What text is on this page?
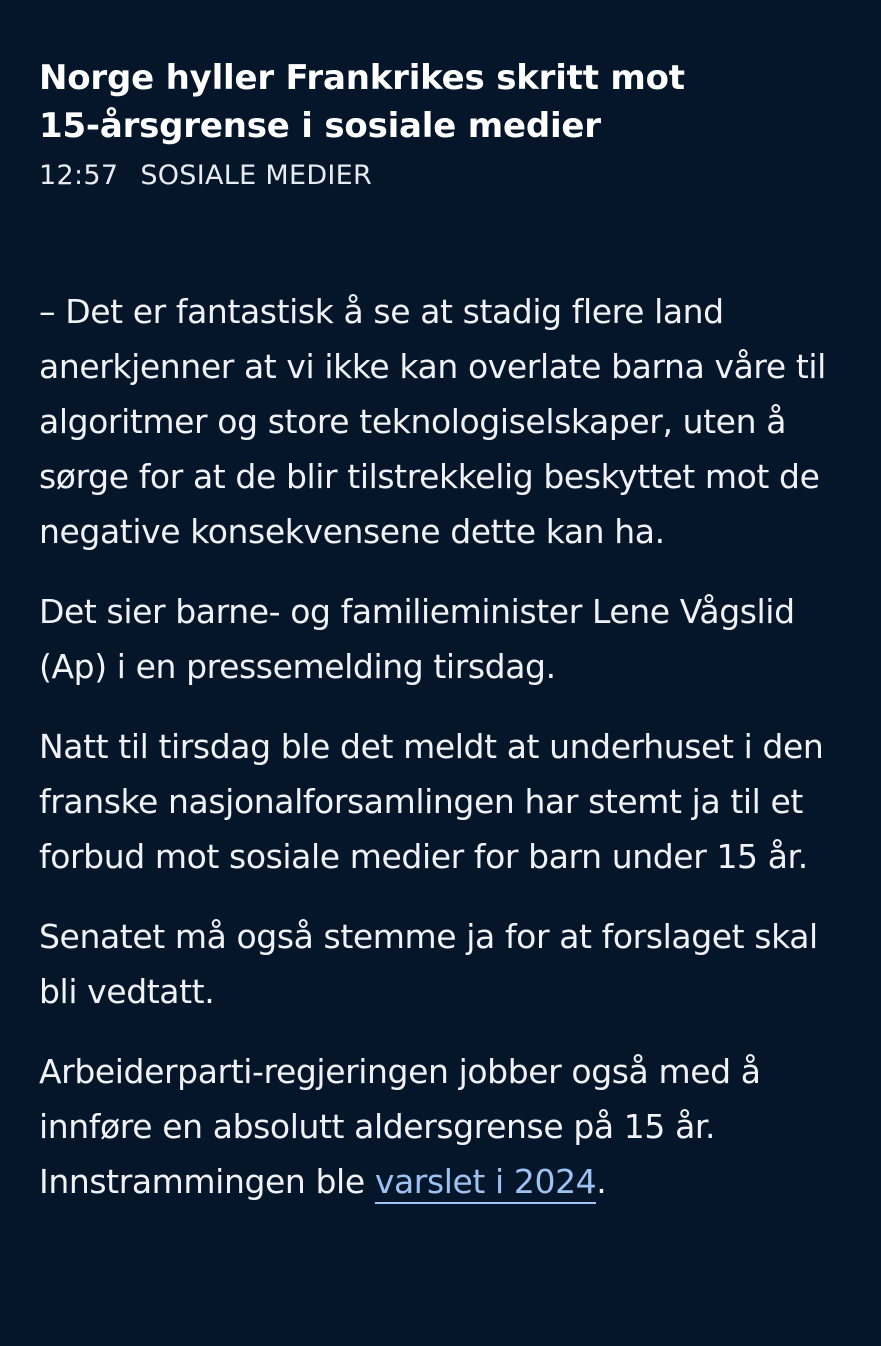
Norge hyller Frankrikes skritt mot 15-årsgrense i sosiale medier
12:57 SOSIALE MEDIER

– Det er fantastisk å se at stadig flere land anerkjenner at vi ikke kan overlate barna våre til algoritmer og store teknologiselskaper, uten å sørge for at de blir tilstrekkelig beskyttet mot de negative konsekvensene dette kan ha.

Det sier barne- og familieminister Lene Vågslid (Ap) i en pressemelding tirsdag.

Natt til tirsdag ble det meldt at underhuset i den franske nasjonalforsamlingen har stemt ja til et forbud mot sosiale medier for barn under 15 år.

Senatet må også stemme ja for at forslaget skal bli vedtatt.

Arbeiderparti-regjeringen jobber også med å innføre en absolutt aldersgrense på 15 år. Innstrammingen ble varslet i 2024.
